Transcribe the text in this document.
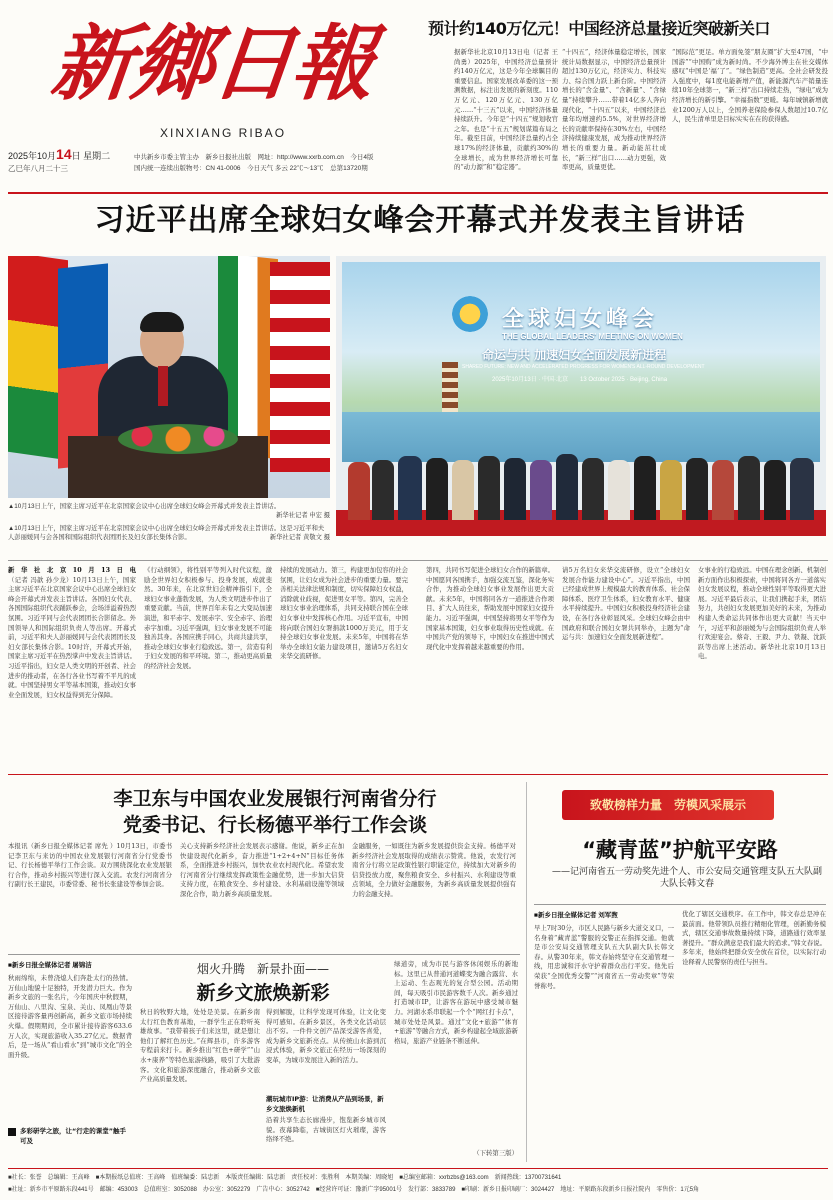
新鄉日報
XINXIANG RIBAO
2025年10月14日 星期二
乙巳年八月二十三
中共新乡市委主管主办　新乡日报社出版　 网址：http://www.xxrb.com.cn　 今日4版
国内统一连续出版物号：CN 41-0006　 今日天气 多云 22℃～13℃　 总第13720期
预计约140万亿元！中国经济总量接近突破新关口
据新华社北京10月13日电（记者 王尚勇）2025年，中国经济总量预计约140万亿元，这是今年全球瞩目的重要信息。国家发展改革委的这一预测数据，标注出发展的新刻度。110万亿元、120万亿元、130万亿元……“十三五”以来，中国经济体量持续跃升。今年是“十四五”规划收官之年。也是“十五五”规划谋篇布局之年。截至目前，中国经济总量约占全球17%的经济体量，贡献约30%的全球增长，成为世界经济增长可靠的“动力源”和“稳定器”。
“十四五”，经济体量稳定增长，国家统计局数据显示，中国经济总量预计超过130万亿元，经济实力、科技实力、综合国力跃上新台阶。中国经济增长的“含金量”、“含新量”、“含绿量”持续攀升……带着14亿多人奔向现代化，“十四五”以来，中国经济总量年均增速约5.5%，对世界经济增长的贡献率保持在30%左右，中国经济持续健康发展，成为推动世界经济增长的重要力量。新动能茁壮成长，“新三样”出口……动力更强，效率更高，质量更优。
“国际范”更足。单方面免签“朋友圈”扩大至47国，“中国游”“中国购”成为新时尚。不少海外博主在社交媒体感叹“中国是‘福’了”。“绿色制造”更高。全社会研发投入强度中，每1度电能新增产值，新能源汽车产销量连续10年全球第一，“新三样”出口持续走热，“绿电”成为经济增长的新引擎。“幸福指数”更暖。每年城镇新增就业1200万人以上，全国养老保险参保人数超过10.7亿人，民生清单里是目标实实在在的获得感。
习近平出席全球妇女峰会开幕式并发表主旨讲话
▲10月13日上午，国家主席习近平在北京国家会议中心出席全球妇女峰会开幕式并发表主旨讲话。
新华社记者 申宏 摄
▲10月13日上午，国家主席习近平在北京国家会议中心出席全球妇女峰会开幕式并发表主旨讲话。这是习近平和夫人彭丽媛同与会各国和国际组织代表团团长及妇女部长集体合影。	新华社记者 黄敬文 摄
全球妇女峰会
THE GLOBAL LEADERS' MEETING ON WOMEN
命运与共 加速妇女全面发展新进程
SHARED FUTURE: NEW AND ACCELERATED PROGRESS FOR WOMEN'S ALL-ROUND DEVELOPMENT
2025年10月13日 · 中国·北京　　13 October 2025 · Beijing, China
新华社北京10月13日电（记者 冯歆 孙少龙）10月13日上午，国家主席习近平在北京国家会议中心出席全球妇女峰会开幕式并发表主旨讲话。各国妇女代表、各国国际组织代表踊跃参会，会场洋溢着热烈氛围。习近平同与会代表团团长合影留念。外国领导人和国际组织负责人等出席。开幕式前，习近平和夫人彭丽媛同与会代表团团长及妇女部长集体合影。10时许，开幕式开始，国家主席习近平在热烈掌声中发表主旨讲话。习近平指出，妇女是人类文明的开创者、社会进步的推动者，在各行各业书写着不平凡的成就。中国坚持男女平等基本国策，推动妇女事业全面发展，妇女权益得到充分保障。
《行动纲领》，将性别平等列入时代议程，激励全世界妇女积极参与、投身发展，成就斐然。30年来，在北京世妇会精神指引下，全球妇女事业蓬勃发展，为人类文明进步作出了重要贡献。当前，世界百年未有之大变局加速演进，和平赤字、发展赤字、安全赤字、治理赤字加重。习近平强调，妇女事业发展不可能独善其身。各国应携手同心，共商共建共享，推动全球妇女事业行稳致远。第一，营造有利于妇女发展的和平环境。第二，推动更高质量的经济社会发展。
持续的发展动力。第三，构建更加包容的社会氛围，让妇女成为社会进步的重要力量。要完善相关法律法规和制度，切实保障妇女权益，消除就业歧视，促进男女平等。第四，完善全球妇女事业治理体系，共同支持联合国在全球妇女事业中发挥核心作用。习近平宣布，中国将向联合国妇女署捐款1000万美元，用于支持全球妇女事业发展。未来5年，中国将在华举办全球妇女能力建设项目，邀请5万名妇女来华交流研修。
第四，共同书写促进全球妇女合作的新篇章。中国愿同各国携手，加强交流互鉴，深化务实合作，为推动全球妇女事业发展作出更大贡献。未来5年，中国将同各方一道推进合作项目、扩大人员往来，帮助发展中国家妇女提升能力。习近平强调，中国坚持将男女平等作为国家基本国策，妇女事业取得历史性成就。在中国共产党的领导下，中国妇女在推进中国式现代化中发挥着越来越重要的作用。
请5万名妇女来华交流研修，设立“全球妇女发展合作能力建设中心”。习近平指出，中国已经建成世界上规模最大的教育体系、社会保障体系、医疗卫生体系，妇女教育水平、健康水平持续提升。中国妇女积极投身经济社会建设，在各行各业彰显风采。全球妇女峰会由中国政府和联合国妇女署共同举办，主题为“命运与共：加速妇女全面发展新进程”。
女事业的行稳致远。中国在理念创新、机制创新方面作出积极探索，中国将同各方一道落实妇女发展议程，推动全球性别平等取得更大进展。习近平最后表示，让我们携起手来，团结努力，共创妇女发展更加美好的未来，为推动构建人类命运共同体作出更大贡献！当天中午，习近平和彭丽媛为与会国际组织负责人举行欢迎宴会。蔡奇、王毅、尹力、铁凝、沈跃跃等出席上述活动。新华社北京10月13日电。
李卫东与中国农业发展银行河南省分行
党委书记、行长杨德平举行工作会谈
本报讯（新乡日报全媒体记者 席先 ）10月13日，市委书记李卫东与来访的中国农业发展银行河南省分行党委书记、行长杨德平举行工作会谈。双方围绕深化农业发展银行合作，推动乡村振兴等进行深入交流。农发行河南省分行副行长王建民，市委常委、秘书长张建设等参加会谈。
关心支持新乡经济社会发展表示感谢。他说，新乡正在加快建设现代化新乡，奋力推进“1+2+4+N”目标任务体系，全面推进乡村振兴，加快农业农村现代化。希望农发行河南省分行继续发挥政策性金融优势，进一步加大信贷支持力度，在粮食安全、乡村建设、水利基础设施等领域深化合作，助力新乡高质量发展。
金融服务，一如既往为新乡发展提供资金支持。杨德平对新乡经济社会发展取得的成绩表示赞赏。他说，农发行河南省分行将立足政策性银行职能定位，持续加大对新乡的信贷投放力度，聚焦粮食安全、乡村振兴、水利建设等重点领域，全力做好金融服务，为新乡高质量发展提供强有力的金融支持。
■新乡日报全媒体记者 屠锦洁
秋雨绵绵，未曾浇熄人们奔赴太行的热情。万仙山地貌十足独特，开发潜力巨大。作为新乡文旅的一张名片，今年国庆中秋假期，万仙山、八里沟、宝泉、关山、凤凰山等景区接待游客量再创新高，新乡文旅市场持续火爆。假期期间，全市累计接待游客633.6万人次，实现旅游收入35.27亿元。数据背后，是一场从“看山看水”到“城市文化”的全面升级。
多彩研学之旅，让“行走的课堂”触手可及
烟火升腾　新景扑面——
新乡文旅焕新彩
秋日的牧野大地，处处是美景。在新乡南太行红色教育基地，一群学生正在聆听英雄故事。“我带着孩子们来这里，就是想让他们了解红色历史。”在辉县市，许多游客专程前来打卡。新乡推出“红色+研学”“山水+康养”等特色旅游线路，吸引了大批游客。文化和旅游深度融合，推动新乡文旅产业高质量发展。
得到解脱，让科学发现可体验，让文化变得可感知。在新乡景区，各类文化活动层出不穷。一件件文创产品深受游客喜爱，成为新乡文旅新亮点。从传统山水游到沉浸式体验，新乡文旅正在经历一场深刻的变革，为城市发展注入新的活力。
潮玩城市IP游：让消费从产品到场景，新乡文旅焕新机
沿着共享生态长廊漫步，饱览新乡城市风貌。夜幕降临，古城街区灯火璀璨，游客络绎不绝。
绿道旁，成为市民与游客休闲娱乐的新地标。这里已从普通河道蝶变为融合露营、水上运动、生态观光的复合型公园。活动期间，每天吸引市民游客数千人次。新乡通过打造城市IP，让游客在游玩中感受城市魅力。河湖水系串联起一个个“网红打卡点”，城市处处是风景。通过“文化+旅游”“体育+旅游”等融合方式，新乡构建起全域旅游新格局，旅游产业链条不断延伸。
（下转第三版）
致敬榜样力量　劳模风采展示
“藏青蓝”护航平安路
——记河南省五一劳动奖先进个人、市公安局交通管理支队五大队副大队长韩文春
■新乡日报全媒体记者 刘军煦
早上7时30分，市区人民路与新乡大道交叉口，一名身着“藏青蓝”警服的交警正在指挥交通。他就是市公安局交通管理支队五大队副大队长韩文春。从警30年来，韩文春始终坚守在交通管理一线，用忠诚和汗水守护着群众出行平安。他先后荣获“全国优秀交警”“河南省五一劳动奖章”等荣誉称号。
优化了辖区交通秩序。在工作中，韩文春总是冲在最前面。他带领队员推行精细化管理，创新勤务模式，辖区交通事故数量持续下降，道路通行效率显著提升。“群众满意是我们最大的追求。”韩文春说。多年来，他始终把群众安全放在首位，以实际行动诠释着人民警察的责任与担当。
■社长：张誉　总编辑：王高峰　■本期报纸总值班：王高峰　值班编委：陆忠新　本版责任编辑：陆忠新　责任校对：张胜利　本期美编：周晓旭　■总编室邮箱：xxrbzbs@163.com　新闻热线：13700731641
■社址：新乡市平原路东段441号　邮编：453003　总值班室：3052088　办公室：3052279　广告中心：3052742　■经营许可证：豫新广字95001号　发行部：3833789　■印刷：新乡日报印刷厂：3024427　地址：平原路东段新乡日报社院内　零售价：1元5角
